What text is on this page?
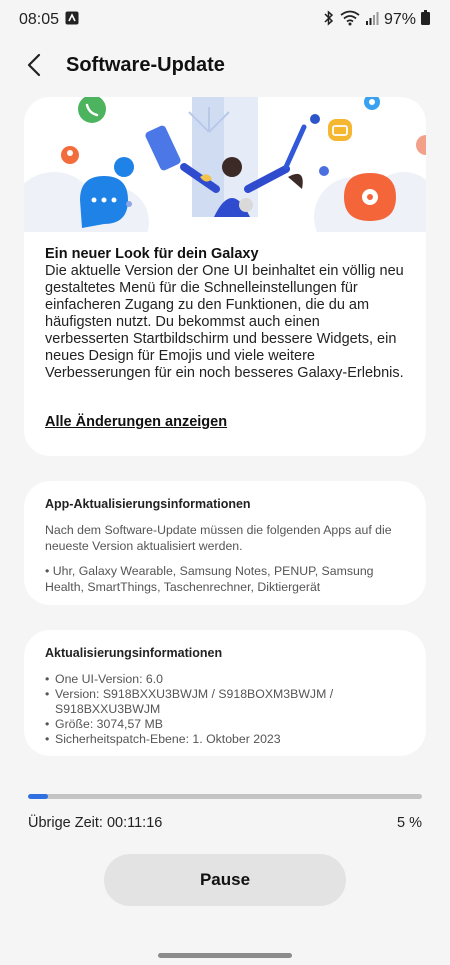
08:05	97%
Software-Update
Ein neuer Look für dein Galaxy
Die aktuelle Version der One UI beinhaltet ein völlig neu gestaltetes Menü für die Schnelleinstellungen für einfacheren Zugang zu den Funktionen, die du am häufigsten nutzt. Du bekommst auch einen verbesserten Startbildschirm und bessere Widgets, ein neues Design für Emojis und viele weitere Verbesserungen für ein noch besseres Galaxy-Erlebnis.
Alle Änderungen anzeigen
App-Aktualisierungsinformationen
Nach dem Software-Update müssen die folgenden Apps auf die neueste Version aktualisiert werden.
• Uhr, Galaxy Wearable, Samsung Notes, PENUP, Samsung Health, SmartThings, Taschenrechner, Diktiergerät
Aktualisierungsinformationen
• One UI-Version: 6.0
• Version: S918BXXU3BWJM / S918BOXM3BWJM / S918BXXU3BWJM
• Größe: 3074,57 MB
• Sicherheitspatch-Ebene: 1. Oktober 2023
Übrige Zeit: 00:11:16	5 %
Pause
